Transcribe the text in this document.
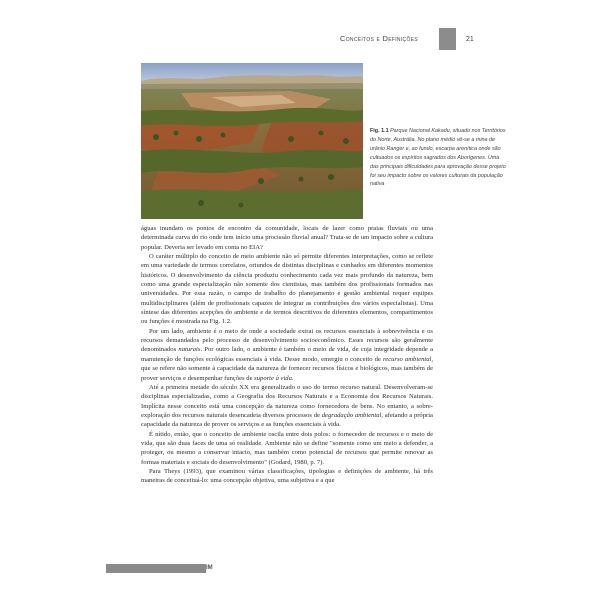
Conceitos e Definições	21
Fig. 1.1 Parque Nacional Kakadu, situado nos Territórios do Norte, Austrália. No plano médio vê-se a mina de urânio Ranger e, ao fundo, escarpa arenítica onde são cultuados os espíritos sagrados dos Aborígenes. Uma das principais dificuldades para aprovação desse projeto foi seu impacto sobre os valores culturais da população nativa

águas inundam os pontos de encontro da comunidade, locais de lazer como praias fluviais ou uma determinada curva do rio onde tem início uma procissão fluvial anual? Trata-se de um impacto sobre a cultura popular. Deveria ser levado em conta no EIA?

O caráter múltiplo do conceito de meio ambiente não só permite diferentes interpretações, como se reflete em uma variedade de termos correlatos, oriundos de distintas disciplinas e cunhados em diferentes momentos históricos. O desenvolvimento da ciência produziu conhecimento cada vez mais profundo da natureza, bem como uma grande especialização não somente dos cientistas, mas também dos profissionais formados nas universidades. Por essa razão, o campo de trabalho do planejamento e gestão ambiental requer equipes multidisciplinares (além de profissionais capazes de integrar as contribuições dos vários especialistas). Uma síntese das diferentes acepções do ambiente e de termos descritivos de diferentes elementos, compartimentos ou funções é mostrada na Fig. 1.2.

Por um lado, ambiente é o meio de onde a sociedade extrai os recursos essenciais à sobrevivência e os recursos demandados pelo processo de desenvolvimento socioeconômico. Esses recursos são geralmente denominados naturais. Por outro lado, o ambiente é também o meio de vida, de cuja integridade depende a manutenção de funções ecológicas essenciais à vida. Desse modo, emergiu o conceito de recurso ambiental, que se refere não somente à capacidade da natureza de fornecer recursos físicos e biológicos, mas também de prover serviços e desempenhar funções de suporte à vida.

Até a primeira metade do século XX era generalizado o uso do termo recurso natural. Desenvolveram-se disciplinas especializadas, como a Geografia dos Recursos Naturais e a Economia dos Recursos Naturais. Implícita nesse conceito está uma concepção da natureza como fornecedora de bens. No entanto, a sobre-exploração dos recursos naturais desencadeia diversos processos de degradação ambiental, afetando a própria capacidade da natureza de prover os serviços e as funções essenciais à vida.

É nítido, então, que o conceito de ambiente oscila entre dois polos: o fornecedor de recursos e o meio de vida, que são duas faces de uma só realidade. Ambiente não se define "somente como um meio a defender, a proteger, ou mesmo a conservar intacto, mas também como potencial de recursos que permite renovar as formas materiais e sociais do desenvolvimento" (Godard, 1980, p. 7).

Para Theys (1993), que examinou várias classificações, tipologias e definições de ambiente, há três maneiras de conceituá-lo: uma concepção objetiva, uma subjetiva e a que

IM
